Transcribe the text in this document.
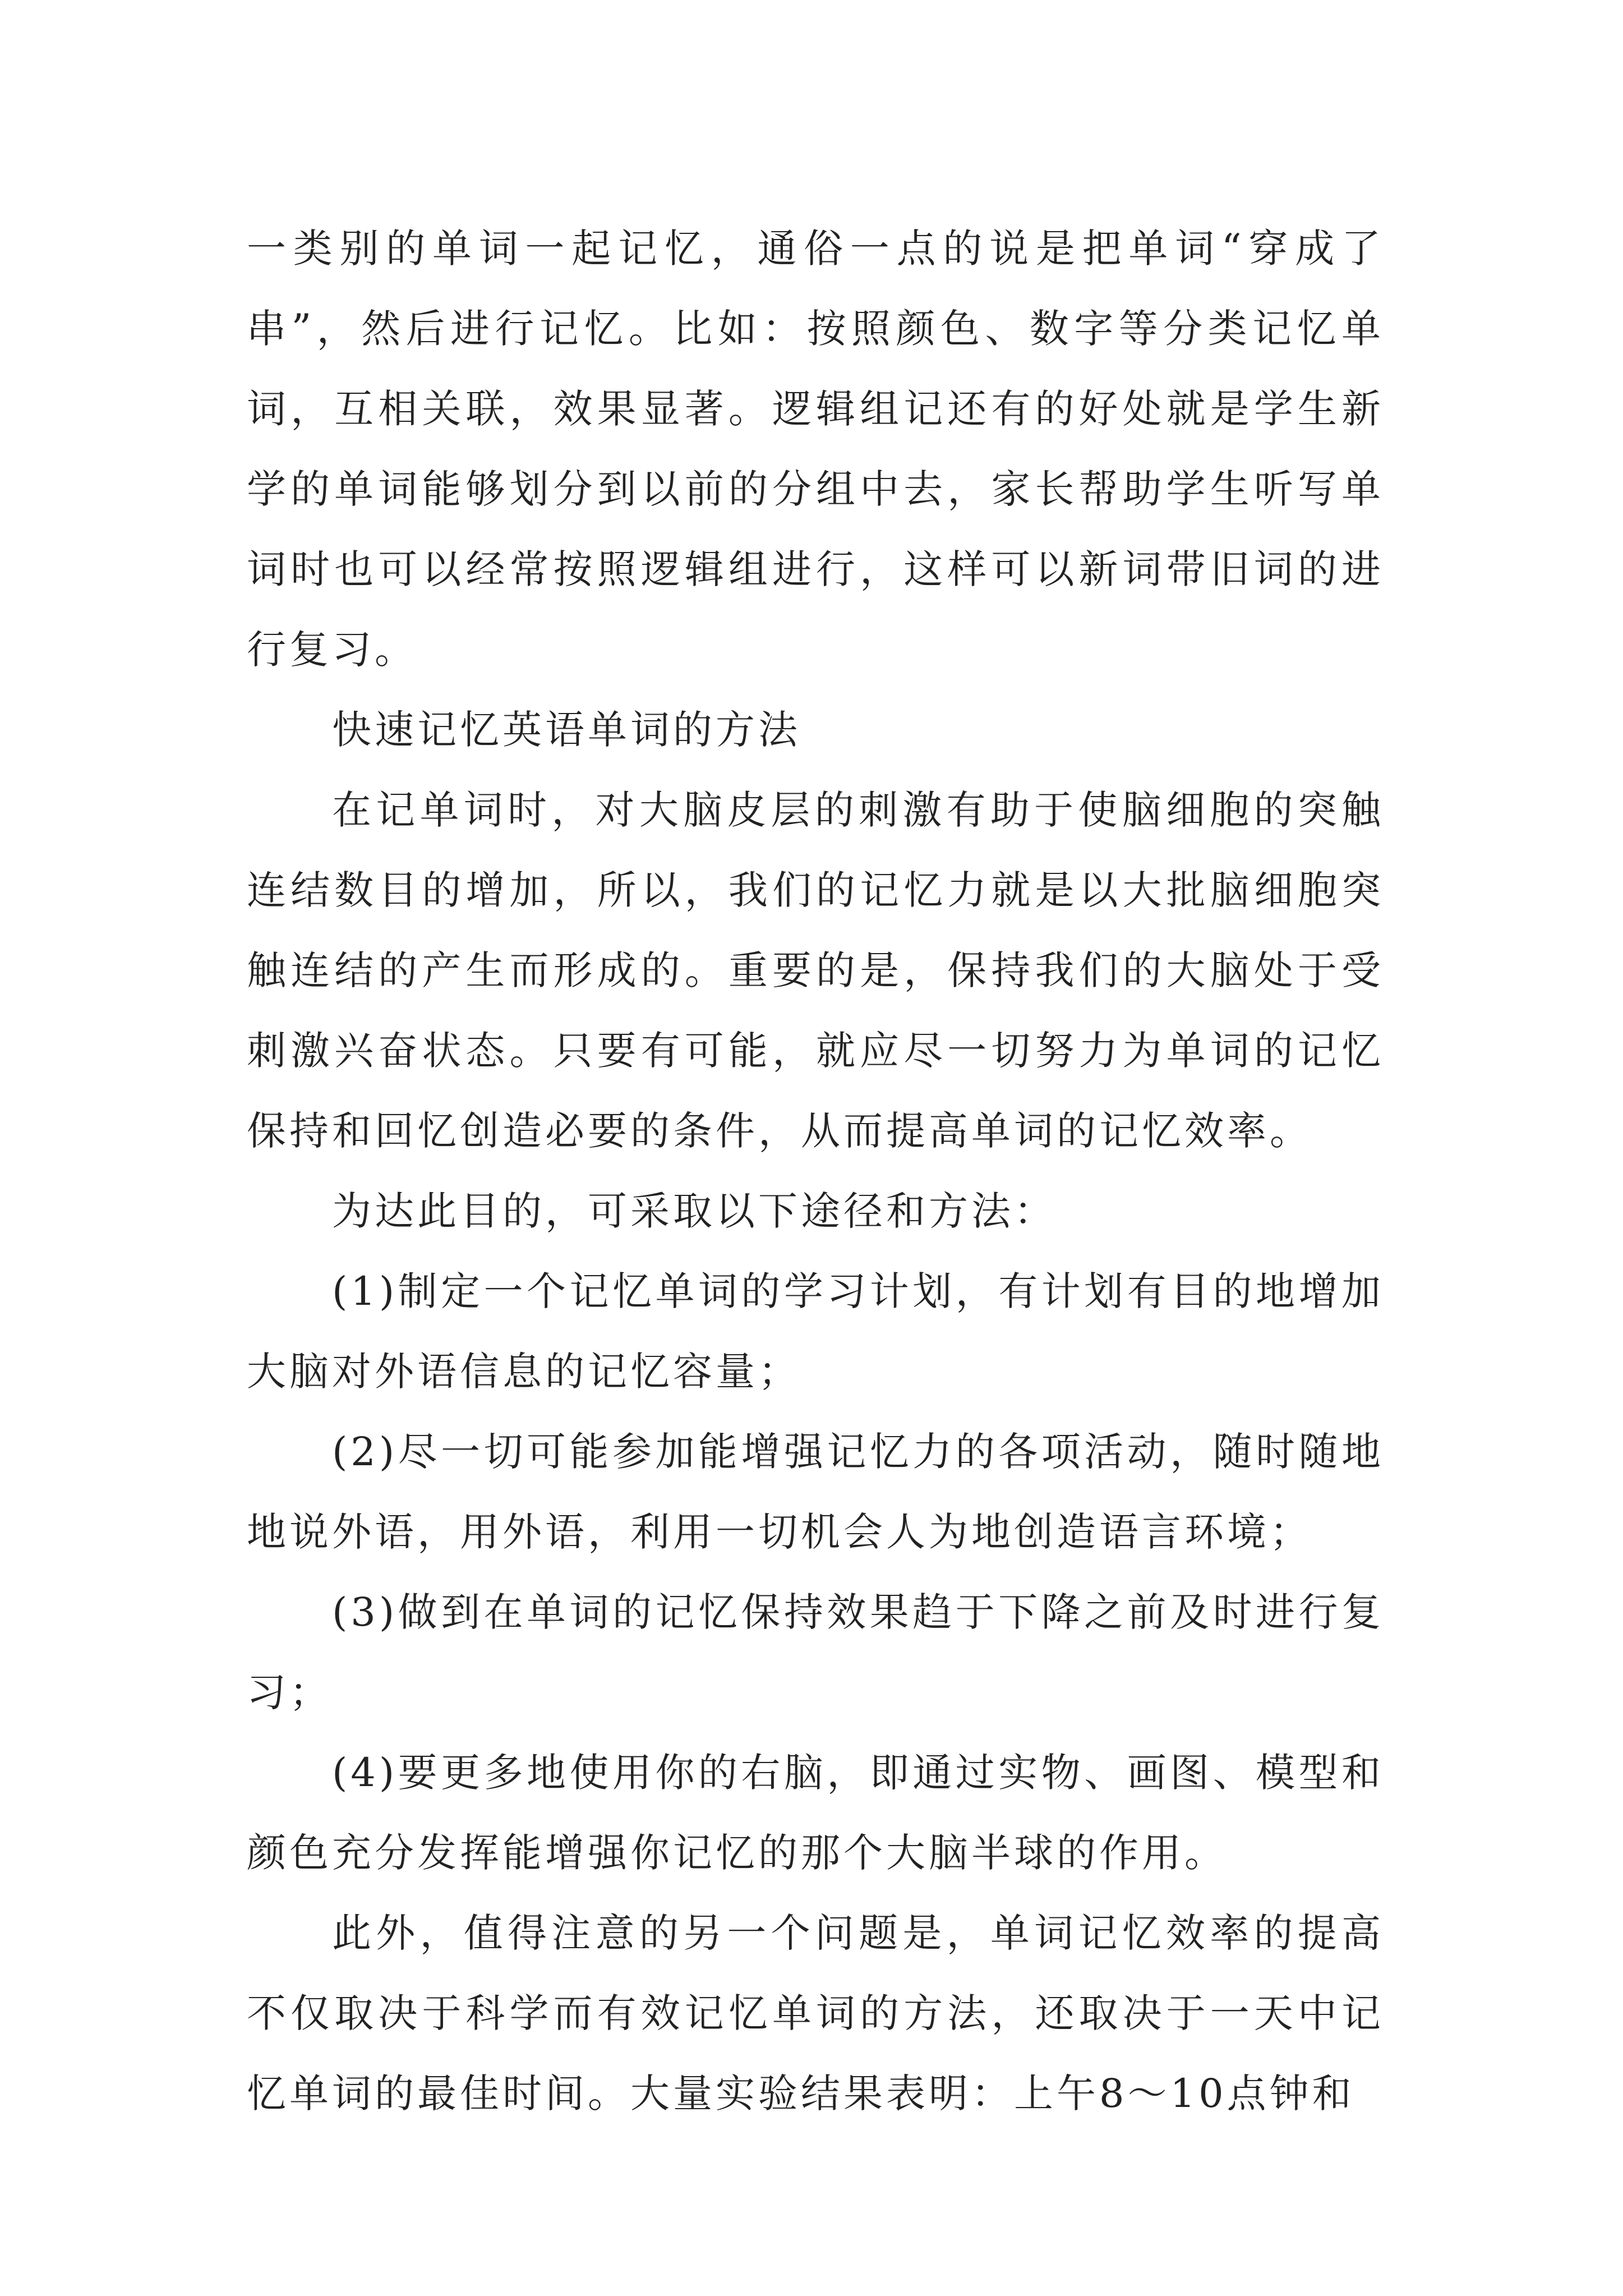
一类别的单词一起记忆，通俗一点的说是把单词“穿成了串”，然后进行记忆。比如：按照颜色、数字等分类记忆单词，互相关联，效果显著。逻辑组记还有的好处就是学生新学的单词能够划分到以前的分组中去，家长帮助学生听写单词时也可以经常按照逻辑组进行，这样可以新词带旧词的进行复习。

快速记忆英语单词的方法

在记单词时，对大脑皮层的刺激有助于使脑细胞的突触连结数目的增加，所以，我们的记忆力就是以大批脑细胞突触连结的产生而形成的。重要的是，保持我们的大脑处于受刺激兴奋状态。只要有可能，就应尽一切努力为单词的记忆保持和回忆创造必要的条件，从而提高单词的记忆效率。

为达此目的，可采取以下途径和方法：

(1)制定一个记忆单词的学习计划，有计划有目的地增加大脑对外语信息的记忆容量；

(2)尽一切可能参加能增强记忆力的各项活动，随时随地地说外语，用外语，利用一切机会人为地创造语言环境；

(3)做到在单词的记忆保持效果趋于下降之前及时进行复习；

(4)要更多地使用你的右脑，即通过实物、画图、模型和颜色充分发挥能增强你记忆的那个大脑半球的作用。

此外，值得注意的另一个问题是，单词记忆效率的提高不仅取决于科学而有效记忆单词的方法，还取决于一天中记忆单词的最佳时间。大量实验结果表明：上午8～10点钟和
